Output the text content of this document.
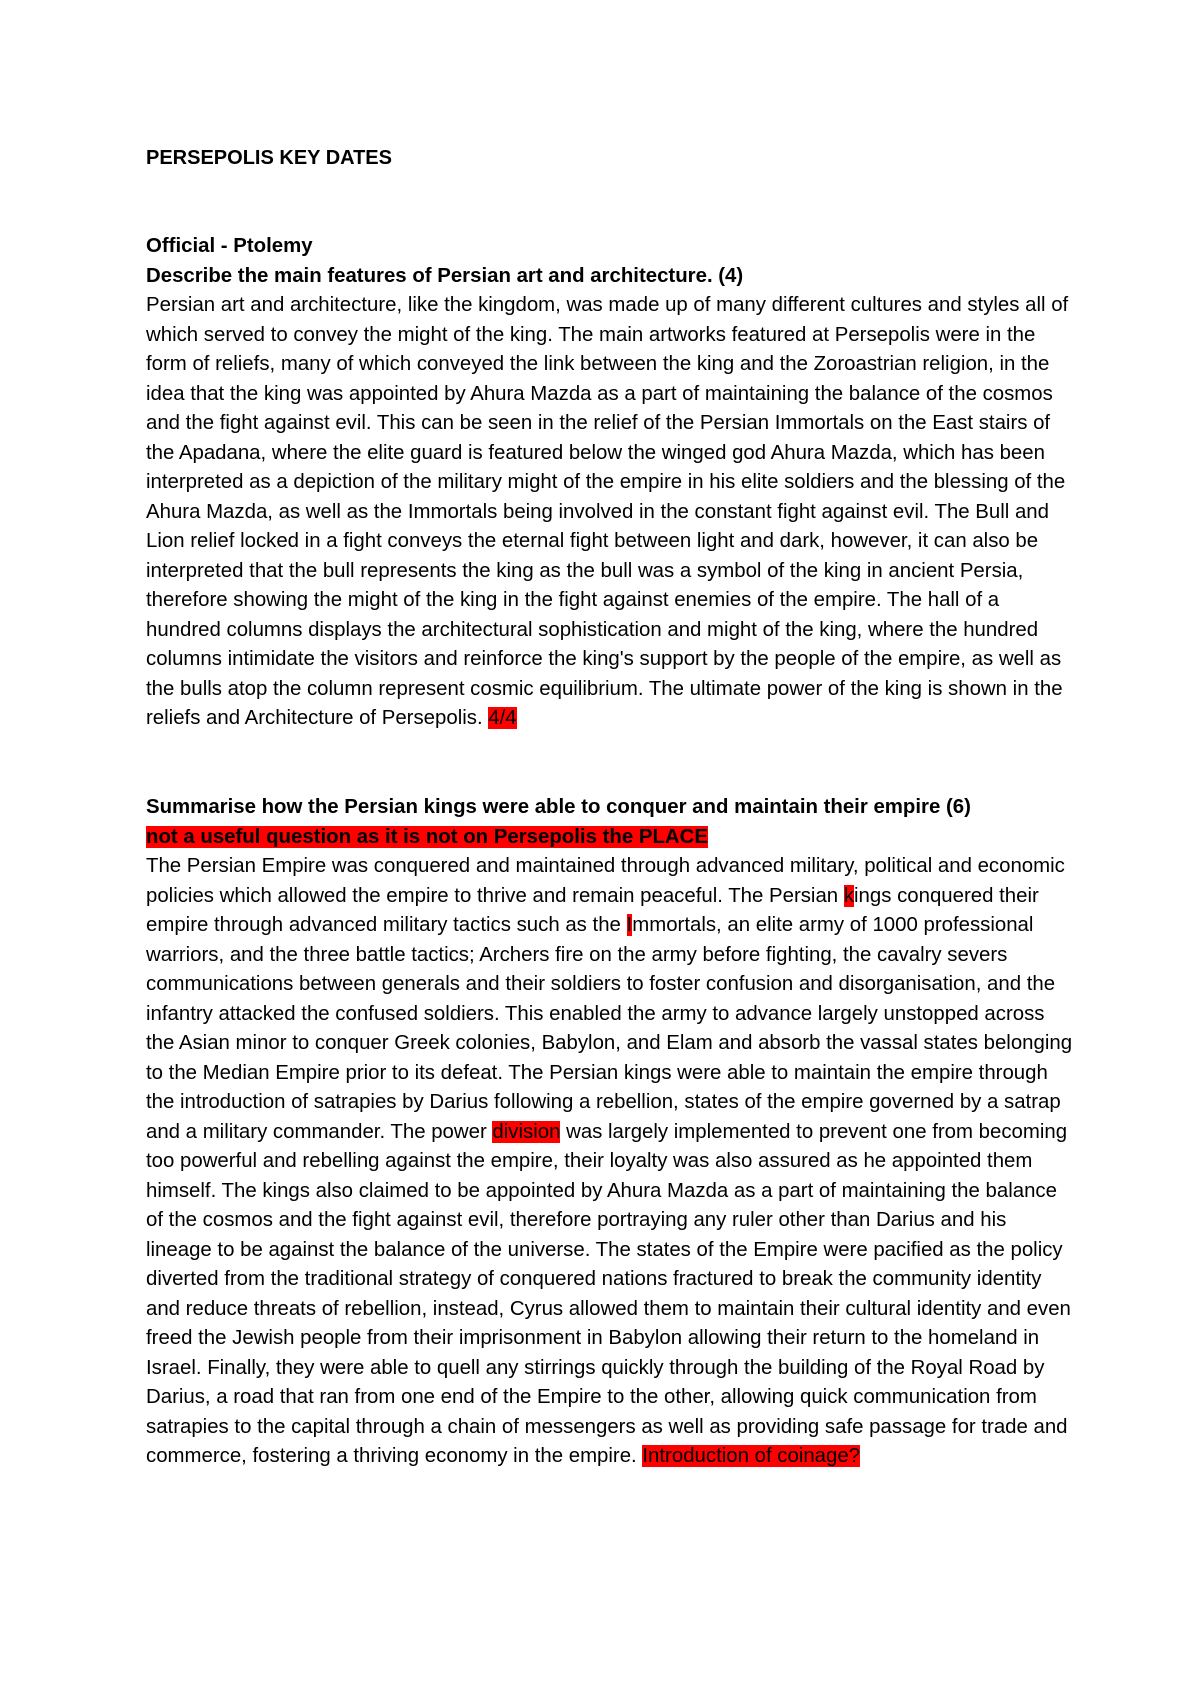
PERSEPOLIS KEY DATES

Official - Ptolemy

Describe the main features of Persian art and architecture. (4)

Persian art and architecture, like the kingdom, was made up of many different cultures and styles all of which served to convey the might of the king. The main artworks featured at Persepolis were in the form of reliefs, many of which conveyed the link between the king and the Zoroastrian religion, in the idea that the king was appointed by Ahura Mazda as a part of maintaining the balance of the cosmos and the fight against evil. This can be seen in the relief of the Persian Immortals on the East stairs of the Apadana, where the elite guard is featured below the winged god Ahura Mazda, which has been interpreted as a depiction of the military might of the empire in his elite soldiers and the blessing of the Ahura Mazda, as well as the Immortals being involved in the constant fight against evil. The Bull and Lion relief locked in a fight conveys the eternal fight between light and dark, however, it can also be interpreted that the bull represents the king as the bull was a symbol of the king in ancient Persia, therefore showing the might of the king in the fight against enemies of the empire. The hall of a hundred columns displays the architectural sophistication and might of the king, where the hundred columns intimidate the visitors and reinforce the king's support by the people of the empire, as well as the bulls atop the column represent cosmic equilibrium. The ultimate power of the king is shown in the reliefs and Architecture of Persepolis. 4/4

Summarise how the Persian kings were able to conquer and maintain their empire (6)

not a useful question as it is not on Persepolis the PLACE

The Persian Empire was conquered and maintained through advanced military, political and economic policies which allowed the empire to thrive and remain peaceful. The Persian kings conquered their empire through advanced military tactics such as the Immortals, an elite army of 1000 professional warriors, and the three battle tactics; Archers fire on the army before fighting, the cavalry severs communications between generals and their soldiers to foster confusion and disorganisation, and the infantry attacked the confused soldiers. This enabled the army to advance largely unstopped across the Asian minor to conquer Greek colonies, Babylon, and Elam and absorb the vassal states belonging to the Median Empire prior to its defeat. The Persian kings were able to maintain the empire through the introduction of satrapies by Darius following a rebellion, states of the empire governed by a satrap and a military commander. The power division was largely implemented to prevent one from becoming too powerful and rebelling against the empire, their loyalty was also assured as he appointed them himself. The kings also claimed to be appointed by Ahura Mazda as a part of maintaining the balance of the cosmos and the fight against evil, therefore portraying any ruler other than Darius and his lineage to be against the balance of the universe. The states of the Empire were pacified as the policy diverted from the traditional strategy of conquered nations fractured to break the community identity and reduce threats of rebellion, instead, Cyrus allowed them to maintain their cultural identity and even freed the Jewish people from their imprisonment in Babylon allowing their return to the homeland in Israel. Finally, they were able to quell any stirrings quickly through the building of the Royal Road by Darius, a road that ran from one end of the Empire to the other, allowing quick communication from satrapies to the capital through a chain of messengers as well as providing safe passage for trade and commerce, fostering a thriving economy in the empire. Introduction of coinage?
